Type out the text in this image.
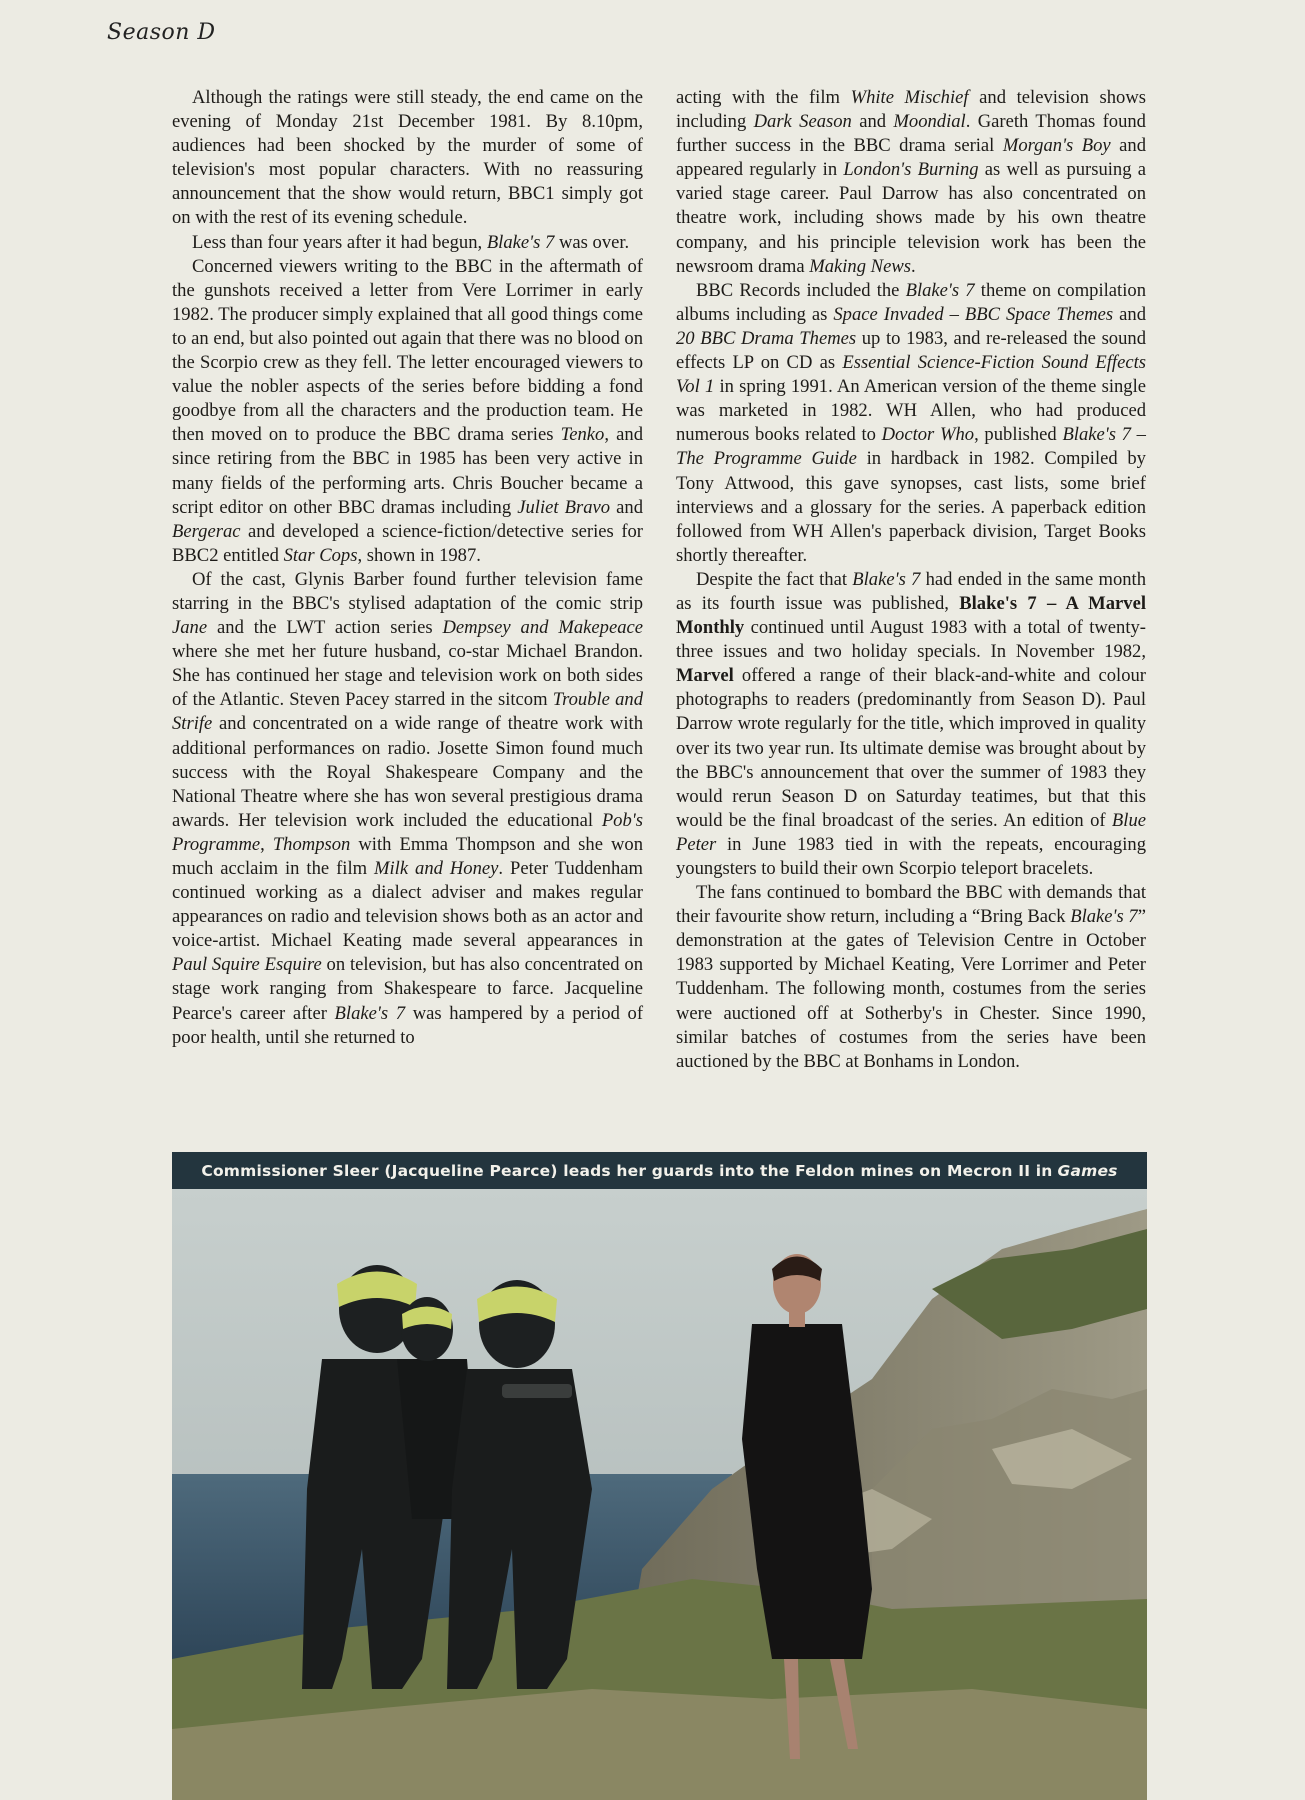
Season D

Although the ratings were still steady, the end came on the evening of Monday 21st December 1981. By 8.10pm, audiences had been shocked by the murder of some of television's most popular characters. With no reassuring announcement that the show would return, BBC1 simply got on with the rest of its evening schedule.

Less than four years after it had begun, Blake's 7 was over.

Concerned viewers writing to the BBC in the aftermath of the gunshots received a letter from Vere Lorrimer in early 1982. The producer simply explained that all good things come to an end, but also pointed out again that there was no blood on the Scorpio crew as they fell. The letter encouraged viewers to value the nobler aspects of the series before bidding a fond goodbye from all the characters and the production team. He then moved on to produce the BBC drama series Tenko, and since retiring from the BBC in 1985 has been very active in many fields of the performing arts. Chris Boucher became a script editor on other BBC dramas including Juliet Bravo and Bergerac and developed a science-fiction/detective series for BBC2 entitled Star Cops, shown in 1987.

Of the cast, Glynis Barber found further television fame starring in the BBC's stylised adaptation of the comic strip Jane and the LWT action series Dempsey and Makepeace where she met her future husband, co-star Michael Brandon. She has continued her stage and television work on both sides of the Atlantic. Steven Pacey starred in the sitcom Trouble and Strife and concentrated on a wide range of theatre work with additional performances on radio. Josette Simon found much success with the Royal Shakespeare Company and the National Theatre where she has won several prestigious drama awards. Her television work included the educational Pob's Programme, Thompson with Emma Thompson and she won much acclaim in the film Milk and Honey. Peter Tuddenham continued working as a dialect adviser and makes regular appearances on radio and television shows both as an actor and voice-artist. Michael Keating made several appearances in Paul Squire Esquire on television, but has also concentrated on stage work ranging from Shakespeare to farce. Jacqueline Pearce's career after Blake's 7 was hampered by a period of poor health, until she returned to

acting with the film White Mischief and television shows including Dark Season and Moondial. Gareth Thomas found further success in the BBC drama serial Morgan's Boy and appeared regularly in London's Burning as well as pursuing a varied stage career. Paul Darrow has also concentrated on theatre work, including shows made by his own theatre company, and his principle television work has been the newsroom drama Making News.

BBC Records included the Blake's 7 theme on compilation albums including as Space Invaded – BBC Space Themes and 20 BBC Drama Themes up to 1983, and re-released the sound effects LP on CD as Essential Science-Fiction Sound Effects Vol 1 in spring 1991. An American version of the theme single was marketed in 1982. WH Allen, who had produced numerous books related to Doctor Who, published Blake's 7 – The Programme Guide in hardback in 1982. Compiled by Tony Attwood, this gave synopses, cast lists, some brief interviews and a glossary for the series. A paperback edition followed from WH Allen's paperback division, Target Books shortly thereafter.

Despite the fact that Blake's 7 had ended in the same month as its fourth issue was published, Blake's 7 – A Marvel Monthly continued until August 1983 with a total of twenty-three issues and two holiday specials. In November 1982, Marvel offered a range of their black-and-white and colour photographs to readers (predominantly from Season D). Paul Darrow wrote regularly for the title, which improved in quality over its two year run. Its ultimate demise was brought about by the BBC's announcement that over the summer of 1983 they would rerun Season D on Saturday teatimes, but that this would be the final broadcast of the series. An edition of Blue Peter in June 1983 tied in with the repeats, encouraging youngsters to build their own Scorpio teleport bracelets.

The fans continued to bombard the BBC with demands that their favourite show return, including a “Bring Back Blake's 7” demonstration at the gates of Television Centre in October 1983 supported by Michael Keating, Vere Lorrimer and Peter Tuddenham. The following month, costumes from the series were auctioned off at Sotherby's in Chester. Since 1990, similar batches of costumes from the series have been auctioned by the BBC at Bonhams in London.

Commissioner Sleer (Jacqueline Pearce) leads her guards into the Feldon mines on Mecron II in Games
